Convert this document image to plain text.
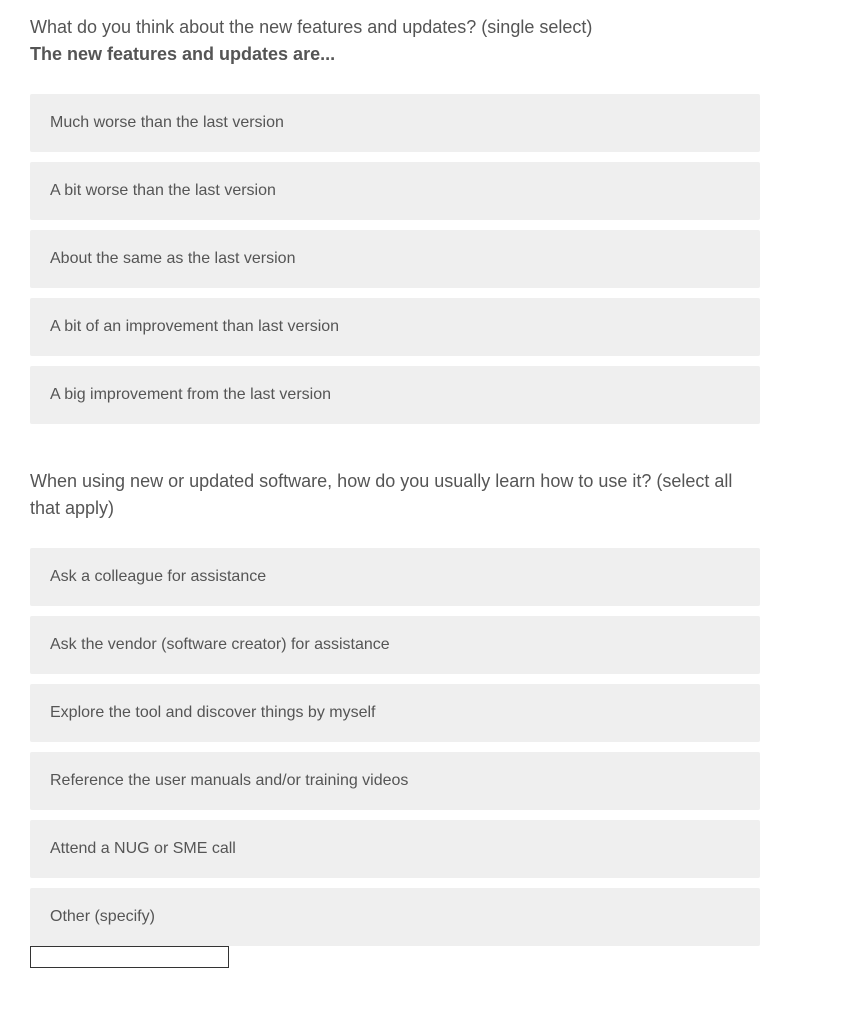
What do you think about the new features and updates? (single select)

The new features and updates are...

Much worse than the last version
A bit worse than the last version
About the same as the last version
A bit of an improvement than last version
A big improvement from the last version

When using new or updated software, how do you usually learn how to use it? (select all that apply)

Ask a colleague for assistance
Ask the vendor (software creator) for assistance
Explore the tool and discover things by myself
Reference the user manuals and/or training videos
Attend a NUG or SME call
Other (specify)
